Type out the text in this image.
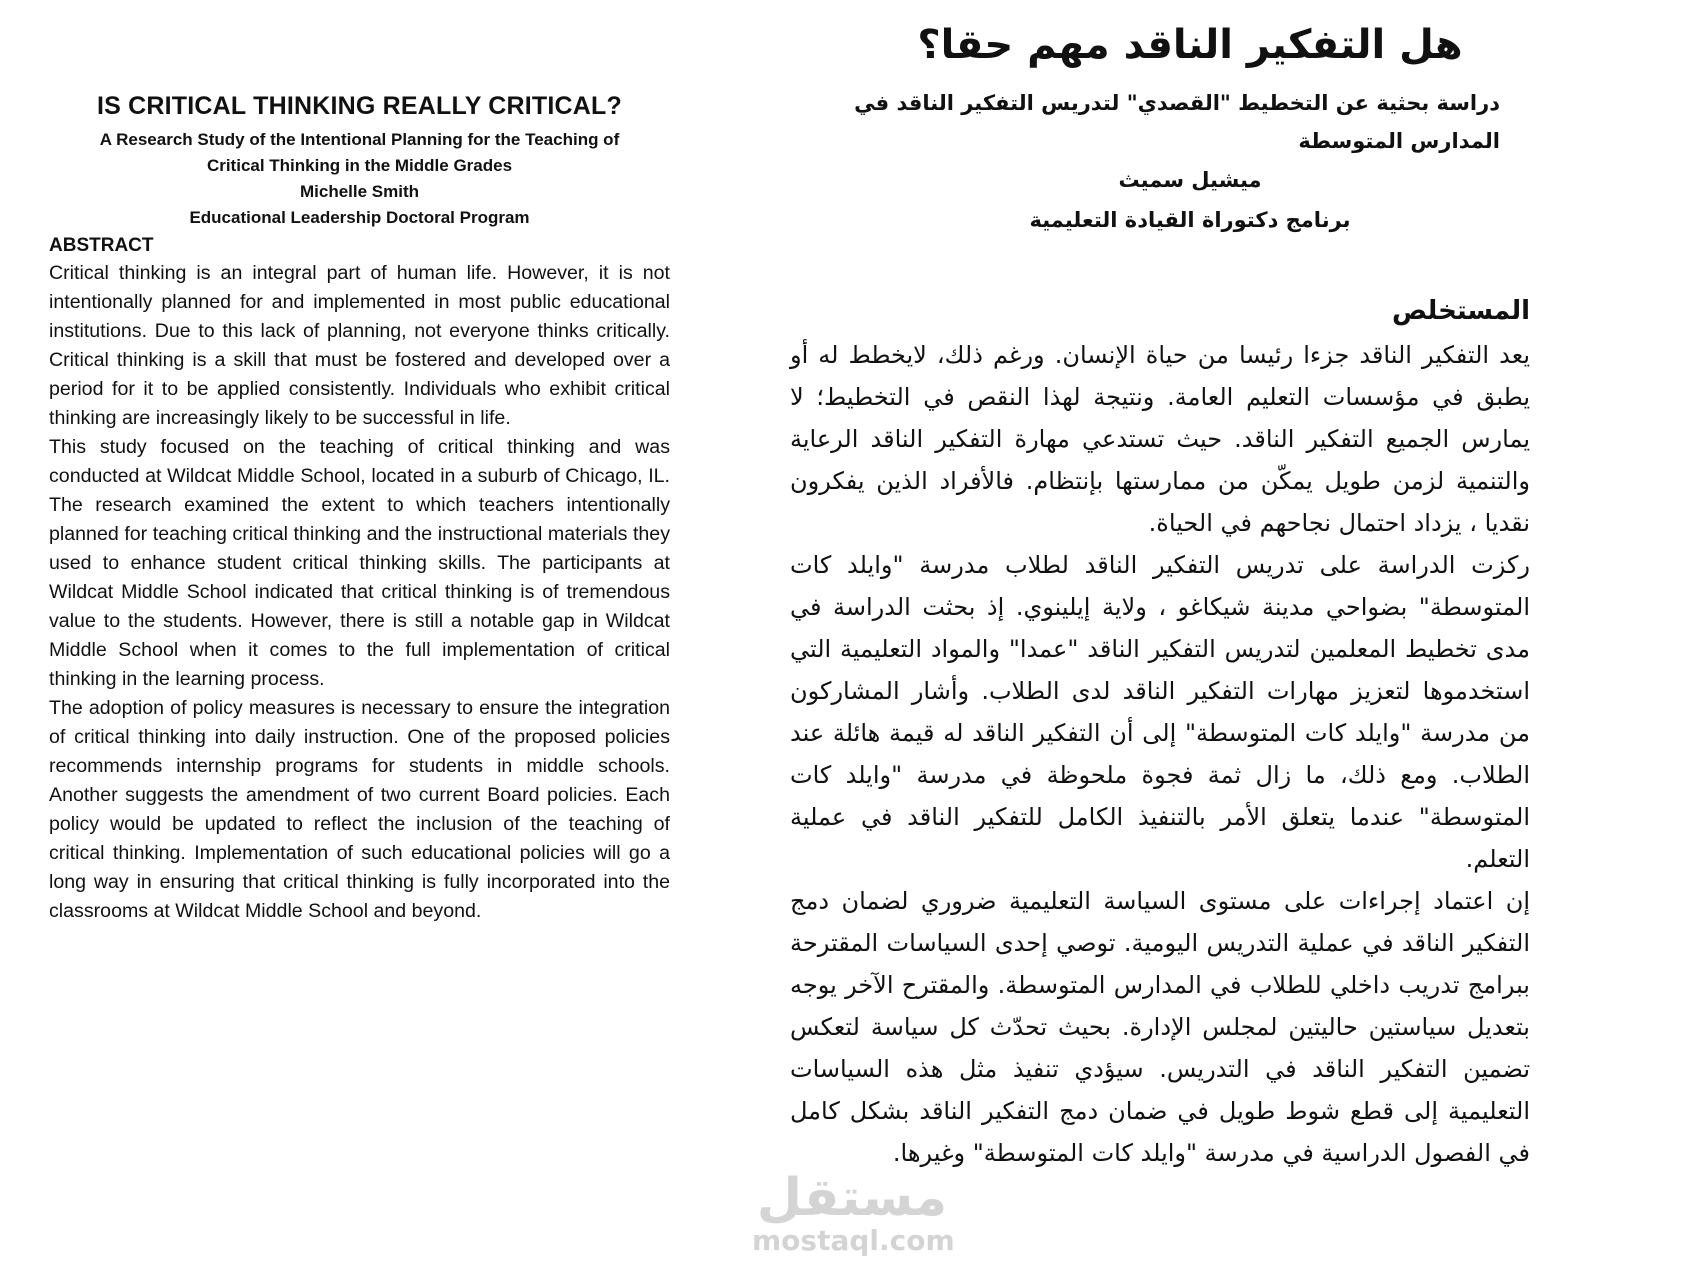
IS CRITICAL THINKING REALLY CRITICAL?

A Research Study of the Intentional Planning for the Teaching of

Critical Thinking in the Middle Grades

Michelle Smith

Educational Leadership Doctoral Program

ABSTRACT

Critical thinking is an integral part of human life. However, it is not intentionally planned for and implemented in most public educational institutions. Due to this lack of planning, not everyone thinks critically. Critical thinking is a skill that must be fostered and developed over a period for it to be applied consistently. Individuals who exhibit critical thinking are increasingly likely to be successful in life.

This study focused on the teaching of critical thinking and was conducted at Wildcat Middle School, located in a suburb of Chicago, IL. The research examined the extent to which teachers intentionally planned for teaching critical thinking and the instructional materials they used to enhance student critical thinking skills. The participants at Wildcat Middle School indicated that critical thinking is of tremendous value to the students. However, there is still a notable gap in Wildcat Middle School when it comes to the full implementation of critical thinking in the learning process.

The adoption of policy measures is necessary to ensure the integration of critical thinking into daily instruction. One of the proposed policies recommends internship programs for students in middle schools. Another suggests the amendment of two current Board policies. Each policy would be updated to reflect the inclusion of the teaching of critical thinking. Implementation of such educational policies will go a long way in ensuring that critical thinking is fully incorporated into the classrooms at Wildcat Middle School and beyond.

هل التفكير الناقد مهم حقا؟

دراسة بحثية عن التخطيط "القصدي" لتدريس التفكير الناقد في المدارس المتوسطة

ميشيل سميث

برنامج دكتوراة القيادة التعليمية

المستخلص

يعد التفكير الناقد جزءا رئيسا من حياة الإنسان. ورغم ذلك، لايخطط له أو يطبق في مؤسسات التعليم العامة. ونتيجة لهذا النقص في التخطيط؛ لا يمارس الجميع التفكير الناقد. حيث تستدعي مهارة التفكير الناقد الرعاية والتنمية لزمن طويل يمكّن من ممارستها بإنتظام. فالأفراد الذين يفكرون نقديا ، يزداد احتمال نجاحهم في الحياة.

ركزت الدراسة على تدريس التفكير الناقد لطلاب مدرسة "وايلد كات المتوسطة" بضواحي مدينة شيكاغو ، ولاية إيلينوي. إذ بحثت الدراسة في مدى تخطيط المعلمين لتدريس التفكير الناقد "عمدا" والمواد التعليمية التي استخدموها لتعزيز مهارات التفكير الناقد لدى الطلاب. وأشار المشاركون من مدرسة "وايلد كات المتوسطة" إلى أن التفكير الناقد له قيمة هائلة عند الطلاب. ومع ذلك، ما زال ثمة فجوة ملحوظة في مدرسة "وايلد كات المتوسطة" عندما يتعلق الأمر بالتنفيذ الكامل للتفكير الناقد في عملية التعلم.

إن اعتماد إجراءات على مستوى السياسة التعليمية ضروري لضمان دمج التفكير الناقد في عملية التدريس اليومية. توصي إحدى السياسات المقترحة ببرامج تدريب داخلي للطلاب في المدارس المتوسطة. والمقترح الآخر يوجه بتعديل سياستين حاليتين لمجلس الإدارة. بحيث تحدّث كل سياسة لتعكس تضمين التفكير الناقد في التدريس. سيؤدي تنفيذ مثل هذه السياسات التعليمية إلى قطع شوط طويل في ضمان دمج التفكير الناقد بشكل كامل في الفصول الدراسية في مدرسة "وايلد كات المتوسطة" وغيرها.

مستقل
mostaql.com
